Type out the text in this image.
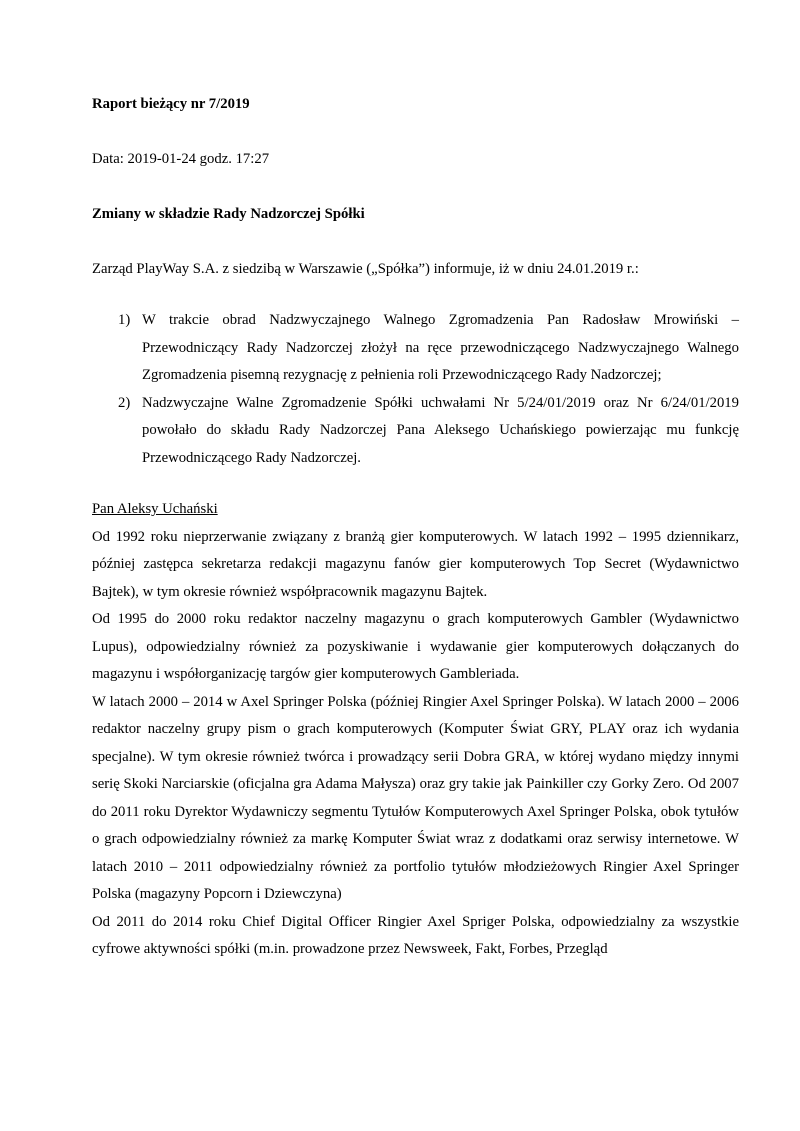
Raport bieżący nr 7/2019

Data: 2019-01-24 godz. 17:27

Zmiany w składzie Rady Nadzorczej Spółki

Zarząd PlayWay S.A. z siedzibą w Warszawie („Spółka”) informuje, iż w dniu 24.01.2019 r.:

1) W trakcie obrad Nadzwyczajnego Walnego Zgromadzenia Pan Radosław Mrowiński – Przewodniczący Rady Nadzorczej złożył na ręce przewodniczącego Nadzwyczajnego Walnego Zgromadzenia pisemną rezygnację z pełnienia roli Przewodniczącego Rady Nadzorczej;
2) Nadzwyczajne Walne Zgromadzenie Spółki uchwałami Nr 5/24/01/2019 oraz Nr 6/24/01/2019 powołało do składu Rady Nadzorczej Pana Aleksego Uchańskiego powierzając mu funkcję Przewodniczącego Rady Nadzorczej.
Pan Aleksy Uchański

Od 1992 roku nieprzerwanie związany z branżą gier komputerowych. W latach 1992 – 1995 dziennikarz, później zastępca sekretarza redakcji magazynu fanów gier komputerowych Top Secret (Wydawnictwo Bajtek), w tym okresie również współpracownik magazynu Bajtek.

Od 1995 do 2000 roku redaktor naczelny magazynu o grach komputerowych Gambler (Wydawnictwo Lupus), odpowiedzialny również za pozyskiwanie i wydawanie gier komputerowych dołączanych do magazynu i współorganizację targów gier komputerowych Gambleriada.

W latach 2000 – 2014 w Axel Springer Polska (później Ringier Axel Springer Polska). W latach 2000 – 2006 redaktor naczelny grupy pism o grach komputerowych (Komputer Świat GRY, PLAY oraz ich wydania specjalne). W tym okresie również twórca i prowadzący serii Dobra GRA, w której wydano między innymi serię Skoki Narciarskie (oficjalna gra Adama Małysza) oraz gry takie jak Painkiller czy Gorky Zero. Od 2007 do 2011 roku Dyrektor Wydawniczy segmentu Tytułów Komputerowych Axel Springer Polska, obok tytułów o grach odpowiedzialny również za markę Komputer Świat wraz z dodatkami oraz serwisy internetowe. W latach 2010 – 2011 odpowiedzialny również za portfolio tytułów młodzieżowych Ringier Axel Springer Polska (magazyny Popcorn i Dziewczyna)

Od 2011 do 2014 roku Chief Digital Officer Ringier Axel Spriger Polska, odpowiedzialny za wszystkie cyfrowe aktywności spółki (m.in. prowadzone przez Newsweek, Fakt, Forbes, Przegląd
